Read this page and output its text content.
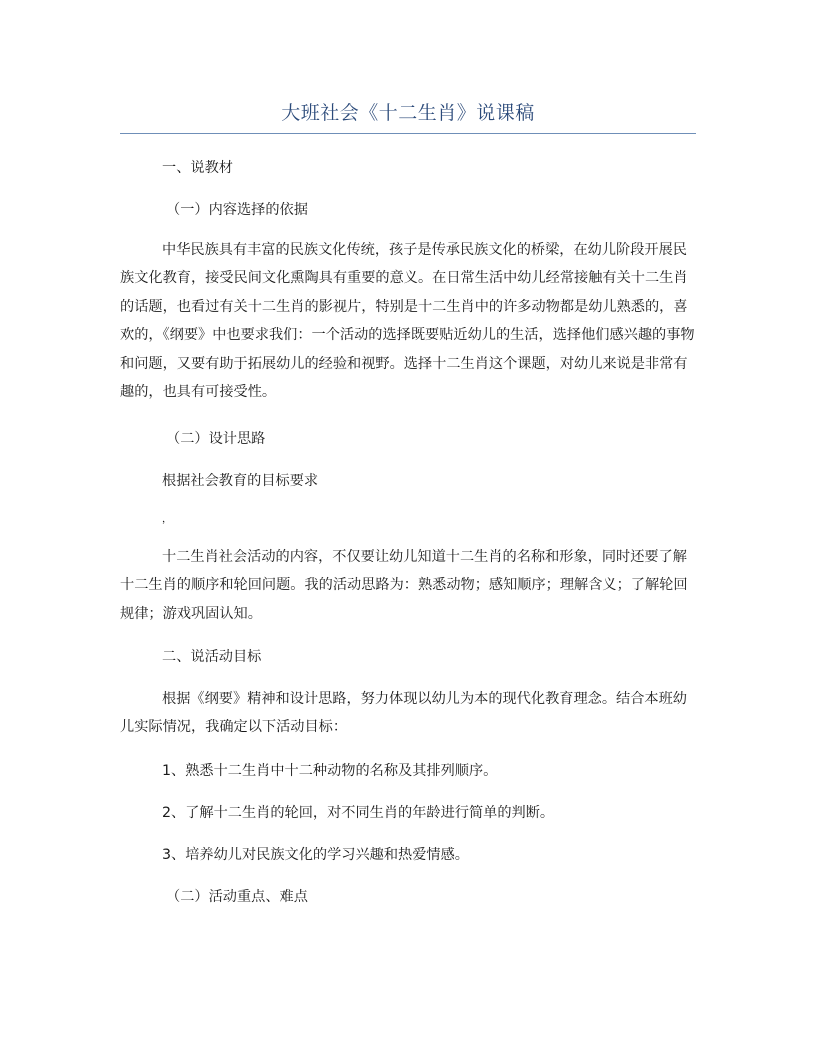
大班社会《十二生肖》说课稿

一、说教材

（一）内容选择的依据

中华民族具有丰富的民族文化传统，孩子是传承民族文化的桥梁，在幼儿阶段开展民族文化教育，接受民间文化熏陶具有重要的意义。在日常生活中幼儿经常接触有关十二生肖的话题，也看过有关十二生肖的影视片，特别是十二生肖中的许多动物都是幼儿熟悉的，喜欢的，《纲要》中也要求我们：一个活动的选择既要贴近幼儿的生活，选择他们感兴趣的事物和问题，又要有助于拓展幼儿的经验和视野。选择十二生肖这个课题，对幼儿来说是非常有趣的，也具有可接受性。

（二）设计思路

根据社会教育的目标要求

，

十二生肖社会活动的内容，不仅要让幼儿知道十二生肖的名称和形象，同时还要了解十二生肖的顺序和轮回问题。我的活动思路为：熟悉动物；感知顺序；理解含义；了解轮回规律；游戏巩固认知。

二、说活动目标

根据《纲要》精神和设计思路，努力体现以幼儿为本的现代化教育理念。结合本班幼儿实际情况，我确定以下活动目标：

1、熟悉十二生肖中十二种动物的名称及其排列顺序。

2、了解十二生肖的轮回，对不同生肖的年龄进行简单的判断。

3、培养幼儿对民族文化的学习兴趣和热爱情感。

（二）活动重点、难点
